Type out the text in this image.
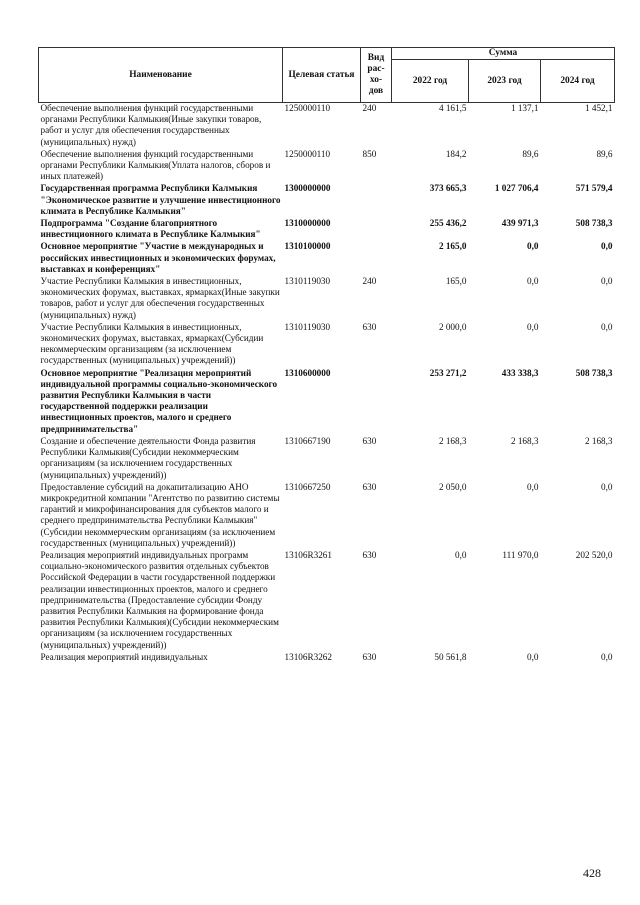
Наименование	Целевая статья	Вид рас-хо-дов	Сумма		
			2022 год	2023 год	2024 год
Обеспечение выполнения функций государственными органами Республики Калмыкия(Иные закупки товаров, работ и услуг для обеспечения государственных (муниципальных) нужд)	1250000110	240	4 161,5	1 137,1	1 452,1
Обеспечение выполнения функций государственными органами Республики Калмыкия(Уплата налогов, сборов и иных платежей)	1250000110	850	184,2	89,6	89,6
Государственная программа Республики Калмыкия "Экономическое развитие и улучшение инвестиционного климата в Республике Калмыкия"	1300000000		373 665,3	1 027 706,4	571 579,4
Подпрограмма "Создание благоприятного инвестиционного климата в Республике Калмыкия"	1310000000		255 436,2	439 971,3	508 738,3
Основное мероприятие "Участие в международных и российских инвестиционных и экономических форумах, выставках и конференциях"	1310100000		2 165,0	0,0	0,0
Участие Республики Калмыкия в инвестиционных, экономических форумах, выставках, ярмарках(Иные закупки товаров, работ и услуг для обеспечения государственных (муниципальных) нужд)	1310119030	240	165,0	0,0	0,0
Участие Республики Калмыкия в инвестиционных, экономических форумах, выставках, ярмарках(Субсидии некоммерческим организациям (за исключением государственных (муниципальных) учреждений))	1310119030	630	2 000,0	0,0	0,0
Основное мероприятие "Реализация мероприятий индивидуальной программы социально-экономического развития Республики Калмыкия в части государственной поддержки реализации инвестиционных проектов, малого и среднего предпринимательства"	1310600000		253 271,2	433 338,3	508 738,3
Создание и обеспечение деятельности Фонда развития Республики Калмыкия(Субсидии некоммерческим организациям (за исключением государственных (муниципальных) учреждений))	1310667190	630	2 168,3	2 168,3	2 168,3
Предоставление субсидий на докапитализацию АНО микрокредитной компании "Агентство по развитию системы гарантий и микрофинансирования для субъектов малого и среднего предпринимательства Республики Калмыкия"(Субсидии некоммерческим организациям (за исключением государственных (муниципальных) учреждений))	1310667250	630	2 050,0	0,0	0,0
Реализация мероприятий индивидуальных программ социально-экономического развития отдельных субъектов Российской Федерации в части государственной поддержки реализации инвестиционных проектов, малого и среднего предпринимательства (Предоставление субсидии Фонду развития Республики Калмыкия на формирование фонда развития Республики Калмыкия)(Субсидии некоммерческим организациям (за исключением государственных (муниципальных) учреждений))	13106R3261	630	0,0	111 970,0	202 520,0
Реализация мероприятий индивидуальных	13106R3262	630	50 561,8	0,0	0,0
428
